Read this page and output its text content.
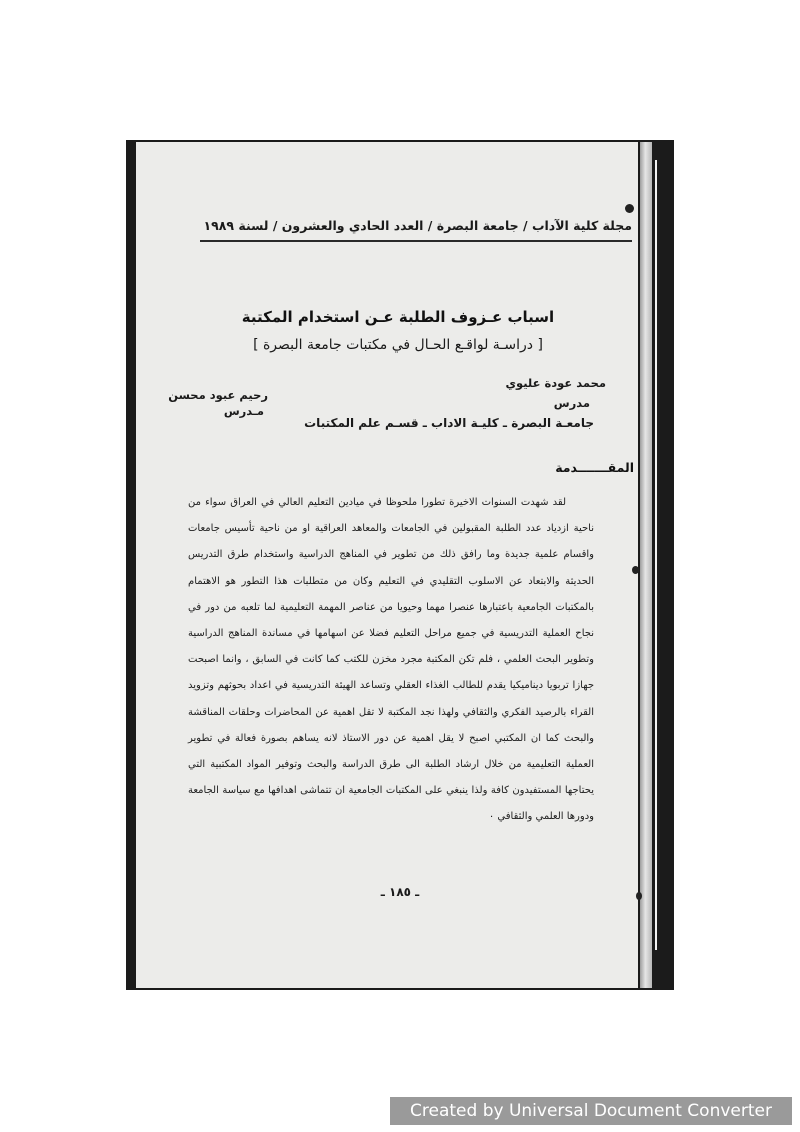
مجلة كلية الآداب / جامعة البصرة / العدد الحادي والعشرون / لسنة ١٩٨٩
اسباب عـزوف الطلبة عـن استخدام المكتبة
[ دراسـة لواقـع الحـال في مكتبات جامعة البصرة ]
محمد عودة عليوي
مدرس
رحيم عبود محسن
مـدرس
جامعـة البصرة ـ كليـة الاداب ـ قسـم علم المكتبات
المقـــــــدمة

لقد شهدت السنوات الاخيرة تطورا ملحوظا في ميادين التعليم العالي في العراق سواء من ناحية ازدياد عدد الطلبة المقبولين في الجامعات والمعاهد العراقية او من ناحية تأسيس جامعات واقسام علمية جديدة وما رافق ذلك من تطوير في المناهج الدراسية واستخدام طرق التدريس الحديثة والابتعاد عن الاسلوب التقليدي في التعليم وكان من متطلبات هذا التطور هو الاهتمام بالمكتبات الجامعية باعتبارها عنصرا مهما وحيويا من عناصر المهمة التعليمية لما تلعبه من دور في نجاح العملية التدريسية في جميع مراحل التعليم فضلا عن اسهامها في مساندة المناهج الدراسية وتطوير البحث العلمي ، فلم تكن المكتبة مجرد مخزن للكتب كما كانت في السابق ، وانما اصبحت جهازا تربويا ديناميكيا يقدم للطالب الغذاء العقلي وتساعد الهيئة التدريسية في اعداد بحوثهم وتزويد القراء بالرصيد الفكري والثقافي ولهذا نجد المكتبة لا تقل اهمية عن المحاضرات وحلقات المناقشة والبحث كما ان المكتبي اصبح لا يقل اهمية عن دور الاستاذ لانه يساهم بصورة فعالة في تطوير العملية التعليمية من خلال ارشاد الطلبة الى طرق الدراسة والبحث وتوفير المواد المكتبية التي يحتاجها المستفيدون كافة ولذا ينبغي على المكتبات الجامعية ان تتماشى اهدافها مع سياسة الجامعة ودورها العلمي والثقافي ٠

ـ ١٨٥ ـ
Created by Universal Document Converter
